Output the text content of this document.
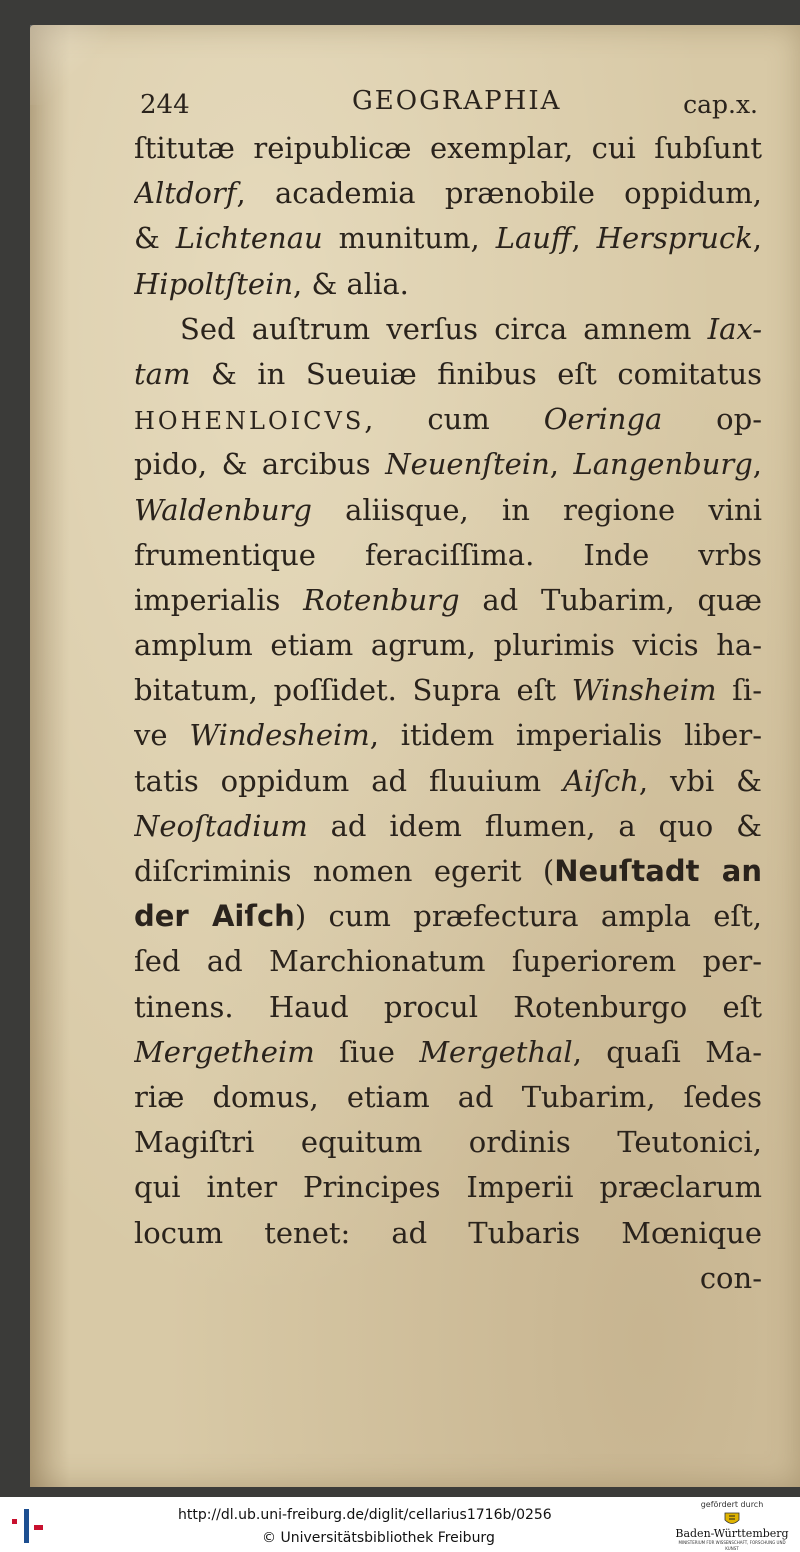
244	GEOGRAPHIA	cap.x.
ſtitutæ reipublicæ exemplar, cui ſubſunt
Altdorf, academia prænobile oppidum,
& Lichtenau munitum, Lauff, Herspruck,
Hipoltſtein, & alia.
Sed auſtrum verſus circa amnem Iax-
tam & in Sueuiæ finibus eſt comitatus
HOHENLOICVS, cum Oeringa op-
pido, & arcibus Neuenſtein, Langenburg,
Waldenburg aliisque, in regione vini
frumentique feraciſſima. Inde vrbs
imperialis Rotenburg ad Tubarim, quæ
amplum etiam agrum, plurimis vicis ha-
bitatum, poſſidet. Supra eſt Winsheim ſi-
ve Windesheim, itidem imperialis liber-
tatis oppidum ad fluuium Aiſch, vbi &
Neoſtadium ad idem flumen, a quo &
diſcriminis nomen egerit (Neuſtadt an
der Aiſch) cum præfectura ampla eſt,
ſed ad Marchionatum ſuperiorem per-
tinens. Haud procul Rotenburgo eſt
Mergetheim ſiue Mergethal, quaſi Ma-
riæ domus, etiam ad Tubarim, ſedes
Magiſtri equitum ordinis Teutonici,
qui inter Principes Imperii præclarum
locum tenet: ad Tubaris Mœnique
con-
http://dl.ub.uni-freiburg.de/diglit/cellarius1716b/0256
© Universitätsbibliothek Freiburg
gefördert durch
Baden-Württemberg
MINISTERIUM FÜR WISSENSCHAFT, FORSCHUNG UND KUNST
